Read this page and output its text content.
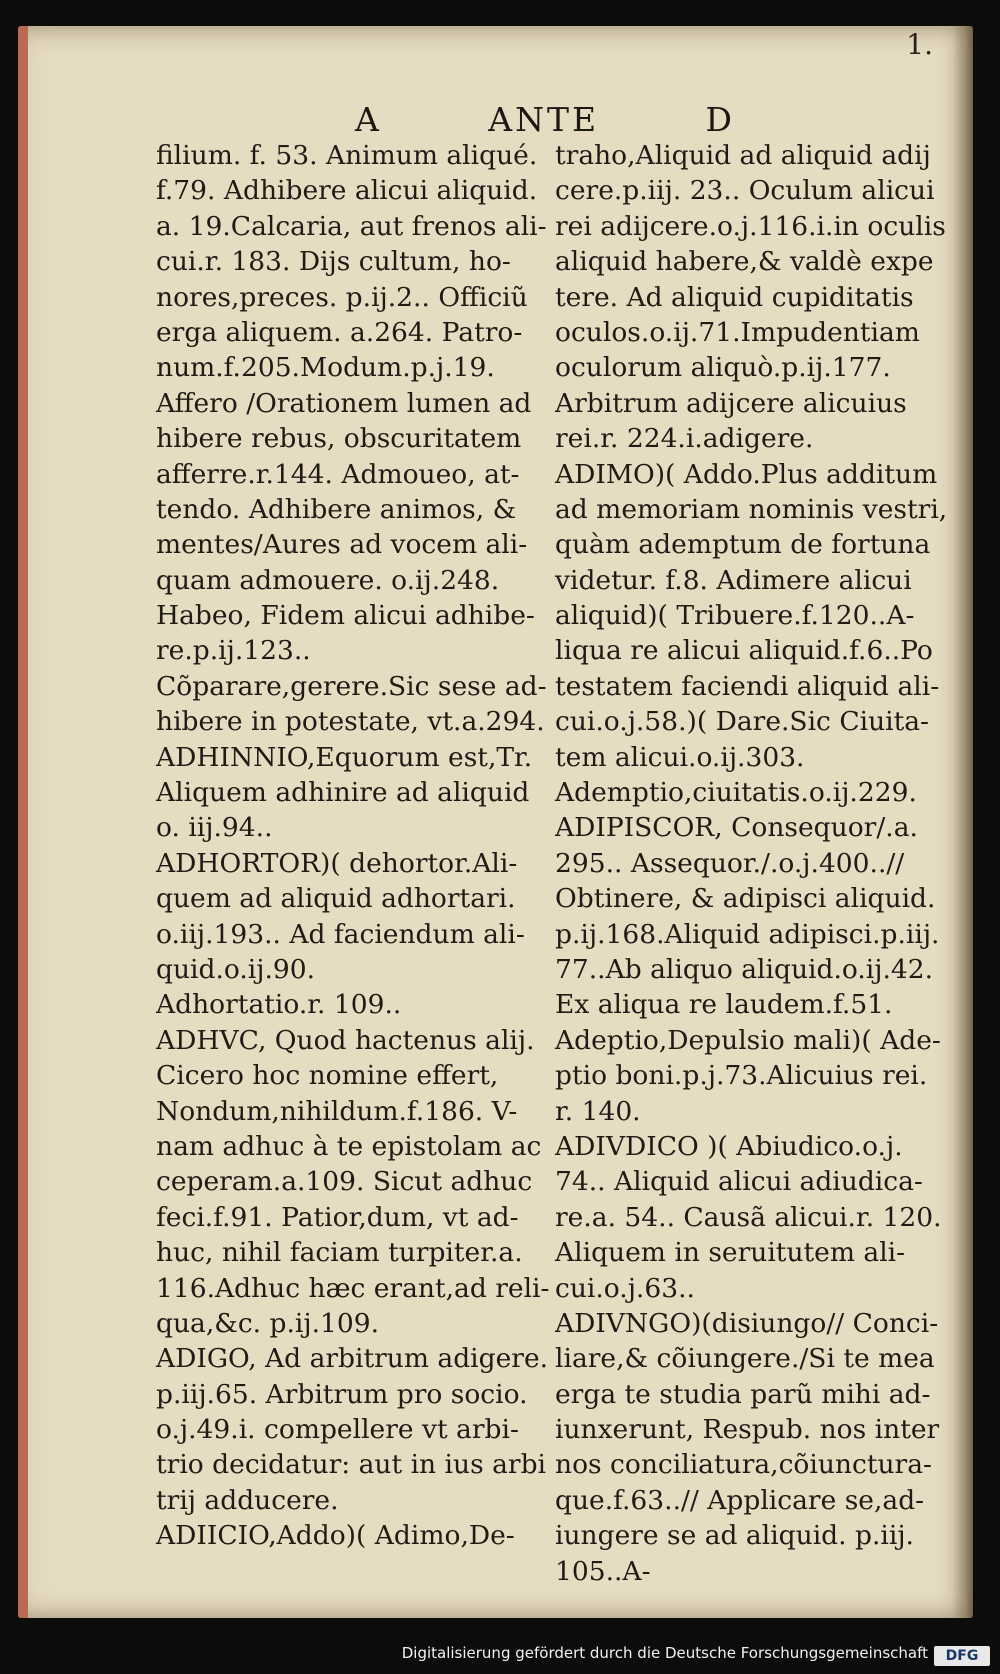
1.
A	ANTE	D
filium. f. 53. Animum aliqué.
f.79. Adhibere alicui aliquid.
a. 19.Calcaria, aut frenos ali-
cui.r. 183. Dijs cultum, ho-
nores,preces. p.ij.2.. Officiũ
erga aliquem. a.264. Patro-
num.f.205.Modum.p.j.19.
Affero /Orationem lumen ad
hibere rebus, obscuritatem
afferre.r.144. Admoueo, at-
tendo. Adhibere animos, &
mentes/Aures ad vocem ali-
quam admouere. o.ij.248.
Habeo, Fidem alicui adhibe-
re.p.ij.123..
Cõparare,gerere.Sic sese ad-
hibere in potestate, vt.a.294.
ADHINNIO,Equorum est,Tr.
Aliquem adhinire ad aliquid
o. iij.94..
ADHORTOR)( dehortor.Ali-
quem ad aliquid adhortari.
o.iij.193.. Ad faciendum ali-
quid.o.ij.90.
Adhortatio.r. 109..
ADHVC, Quod hactenus alij.
Cicero hoc nomine effert,
Nondum,nihildum.f.186. V-
nam adhuc à te epistolam ac
ceperam.a.109. Sicut adhuc
feci.f.91. Patior,dum, vt ad-
huc, nihil faciam turpiter.a.
116.Adhuc hæc erant,ad reli-
qua,&c. p.ij.109.
ADIGO, Ad arbitrum adigere.
p.iij.65. Arbitrum pro socio.
o.j.49.i. compellere vt arbi-
trio decidatur: aut in ius arbi
trij adducere.
ADIICIO,Addo)( Adimo,De-
traho,Aliquid ad aliquid adij
cere.p.iij. 23.. Oculum alicui
rei adijcere.o.j.116.i.in oculis
aliquid habere,& valdè expe
tere. Ad aliquid cupiditatis
oculos.o.ij.71.Impudentiam
oculorum aliquò.p.ij.177.
Arbitrum adijcere alicuius
rei.r. 224.i.adigere.
ADIMO)( Addo.Plus additum
ad memoriam nominis vestri,
quàm ademptum de fortuna
videtur. f.8. Adimere alicui
aliquid)( Tribuere.f.120..A-
liqua re alicui aliquid.f.6..Po
testatem faciendi aliquid ali-
cui.o.j.58.)( Dare.Sic Ciuita-
tem alicui.o.ij.303.
Ademptio,ciuitatis.o.ij.229.
ADIPISCOR, Consequor/.a.
295.. Assequor./.o.j.400..//
Obtinere, & adipisci aliquid.
p.ij.168.Aliquid adipisci.p.iij.
77..Ab aliquo aliquid.o.ij.42.
Ex aliqua re laudem.f.51.
Adeptio,Depulsio mali)( Ade-
ptio boni.p.j.73.Alicuius rei.
r. 140.
ADIVDICO )( Abiudico.o.j.
74.. Aliquid alicui adiudica-
re.a. 54.. Causã alicui.r. 120.
Aliquem in seruitutem ali-
cui.o.j.63..
ADIVNGO)(disiungo// Conci-
liare,& cõiungere./Si te mea
erga te studia parũ mihi ad-
iunxerunt, Respub. nos inter
nos conciliatura,cõiunctura-
que.f.63..// Applicare se,ad-
iungere se ad aliquid. p.iij.
105..A-
Digitalisierung gefördert durch die Deutsche Forschungsgemeinschaft	DFG
